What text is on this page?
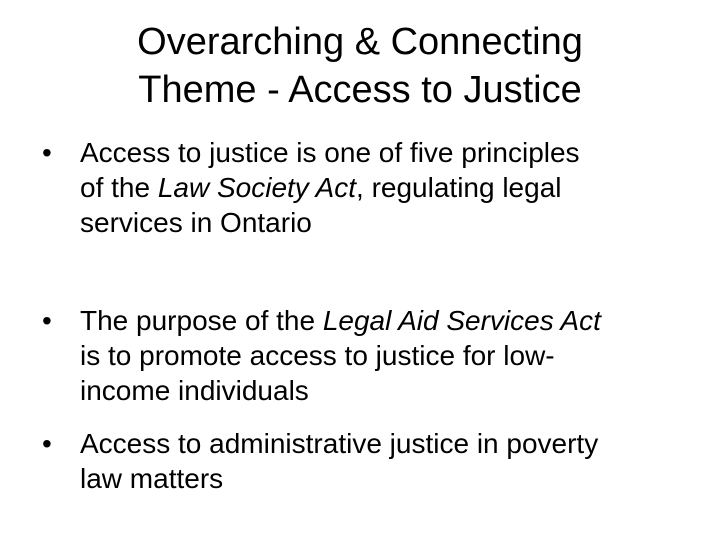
Overarching & Connecting
Theme - Access to Justice
• Access to justice is one of five principles
of the Law Society Act, regulating legal
services in Ontario
• The purpose of the Legal Aid Services Act
is to promote access to justice for low-
income individuals
• Access to administrative justice in poverty
law matters
